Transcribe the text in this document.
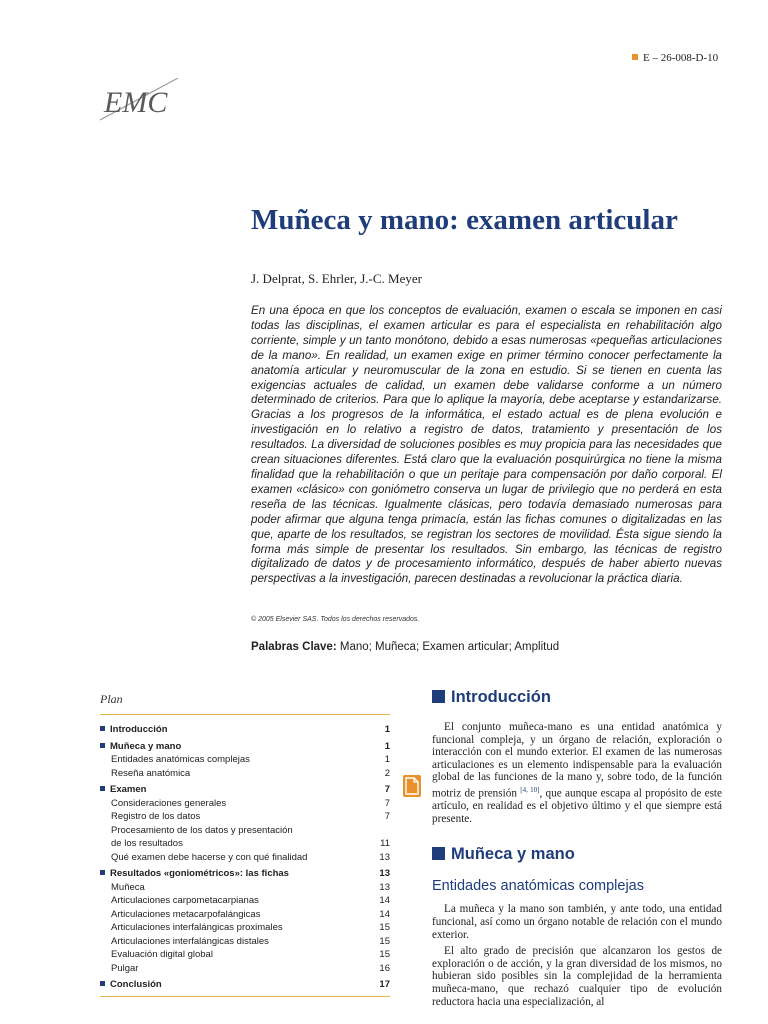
E – 26-008-D-10
EMC
Muñeca y mano: examen articular
J. Delprat, S. Ehrler, J.-C. Meyer

En una época en que los conceptos de evaluación, examen o escala se imponen en casi todas las disciplinas, el examen articular es para el especialista en rehabilitación algo corriente, simple y un tanto monótono, debido a esas numerosas «pequeñas articulaciones de la mano». En realidad, un examen exige en primer término conocer perfectamente la anatomía articular y neuromuscular de la zona en estudio. Si se tienen en cuenta las exigencias actuales de calidad, un examen debe validarse conforme a un número determinado de criterios. Para que lo aplique la mayoría, debe aceptarse y estandarizarse. Gracias a los progresos de la informática, el estado actual es de plena evolución e investigación en lo relativo a registro de datos, tratamiento y presentación de los resultados. La diversidad de soluciones posibles es muy propicia para las necesidades que crean situaciones diferentes. Está claro que la evaluación posquirúrgica no tiene la misma finalidad que la rehabilitación o que un peritaje para compensación por daño corporal. El examen «clásico» con goniómetro conserva un lugar de privilegio que no perderá en esta reseña de las técnicas. Igualmente clásicas, pero todavía demasiado numerosas para poder afirmar que alguna tenga primacía, están las fichas comunes o digitalizadas en las que, aparte de los resultados, se registran los sectores de movilidad. Ésta sigue siendo la forma más simple de presentar los resultados. Sin embargo, las técnicas de registro digitalizado de datos y de procesamiento informático, después de haber abierto nuevas perspectivas a la investigación, parecen destinadas a revolucionar la práctica diaria.

© 2005 Elsevier SAS. Todos los derechos reservados.
Palabras Clave: Mano; Muñeca; Examen articular; Amplitud
Plan
Introducción	1
Muñeca y mano	1
Entidades anatómicas complejas	1
Reseña anatómica	2
Examen	7
Consideraciones generales	7
Registro de los datos	7
Procesamiento de los datos y presentación
de los resultados	11
Qué examen debe hacerse y con qué finalidad	13
Resultados «goniométricos»: las fichas	13
Muñeca	13
Articulaciones carpometacarpianas	14
Articulaciones metacarpofalángicas	14
Articulaciones interfalángicas proximales	15
Articulaciones interfalángicas distales	15
Evaluación digital global	15
Pulgar	16
Conclusión	17
Introducción

El conjunto muñeca-mano es una entidad anatómica y funcional compleja, y un órgano de relación, exploración o interacción con el mundo exterior. El examen de las numerosas articulaciones es un elemento indispensable para la evaluación global de las funciones de la mano y, sobre todo, de la función motriz de prensión [4, 10], que aunque escapa al propósito de este artículo, en realidad es el objetivo último y el que siempre está presente.

Muñeca y mano
Entidades anatómicas complejas

La muñeca y la mano son también, y ante todo, una entidad funcional, así como un órgano notable de relación con el mundo exterior.

El alto grado de precisión que alcanzaron los gestos de exploración o de acción, y la gran diversidad de los mismos, no hubieran sido posibles sin la complejidad de la herramienta muñeca-mano, que rechazó cualquier tipo de evolución reductora hacia una especialización, al
